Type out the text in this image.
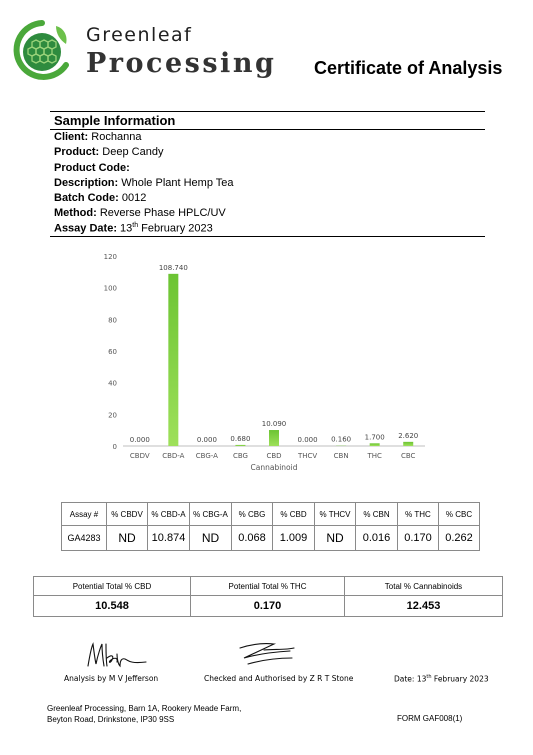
Greenleaf
Processing Certificate of Analysis
Sample Information
Client: Rochanna
Product: Deep Candy
Product Code:
Description: Whole Plant Hemp Tea
Batch Code: 0012
Method: Reverse Phase HPLC/UV
Assay Date: 13th February 2023
0
20
40
60
80
100
120
0.000
CBDV
108.740
CBD-A
0.000
CBG-A
0.680
CBG
10.090
CBD
0.000
THCV
0.160
CBN
1.700
THC
2.620
CBC
Cannabinoid
Assay #	% CBDV	% CBD-A	% CBG-A	% CBG	% CBD	% THCV	% CBN	% THC	% CBC
GA4283	ND	10.874	ND	0.068	1.009	ND	0.016	0.170	0.262
Potential Total % CBD	Potential Total % THC	Total % Cannabinoids
10.548	0.170	12.453
Analysis by M V Jefferson	Checked and Authorised by Z R T Stone	Date: 13th February 2023
Greenleaf Processing, Barn 1A, Rookery Meade Farm,
Beyton Road, Drinkstone, IP30 9SS	FORM GAF008(1)
